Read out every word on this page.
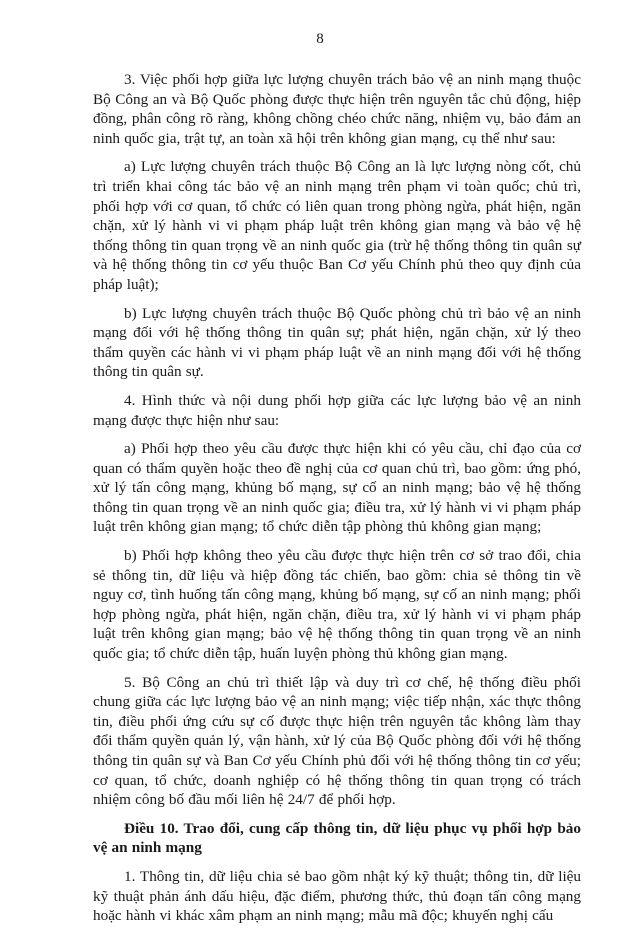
8

3. Việc phối hợp giữa lực lượng chuyên trách bảo vệ an ninh mạng thuộc Bộ Công an và Bộ Quốc phòng được thực hiện trên nguyên tắc chủ động, hiệp đồng, phân công rõ ràng, không chồng chéo chức năng, nhiệm vụ, bảo đảm an ninh quốc gia, trật tự, an toàn xã hội trên không gian mạng, cụ thể như sau:

a) Lực lượng chuyên trách thuộc Bộ Công an là lực lượng nòng cốt, chủ trì triển khai công tác bảo vệ an ninh mạng trên phạm vi toàn quốc; chủ trì, phối hợp với cơ quan, tổ chức có liên quan trong phòng ngừa, phát hiện, ngăn chặn, xử lý hành vi vi phạm pháp luật trên không gian mạng và bảo vệ hệ thống thông tin quan trọng về an ninh quốc gia (trừ hệ thống thông tin quân sự và hệ thống thông tin cơ yếu thuộc Ban Cơ yếu Chính phủ theo quy định của pháp luật);

b) Lực lượng chuyên trách thuộc Bộ Quốc phòng chủ trì bảo vệ an ninh mạng đối với hệ thống thông tin quân sự; phát hiện, ngăn chặn, xử lý theo thẩm quyền các hành vi vi phạm pháp luật về an ninh mạng đối với hệ thống thông tin quân sự.

4. Hình thức và nội dung phối hợp giữa các lực lượng bảo vệ an ninh mạng được thực hiện như sau:

a) Phối hợp theo yêu cầu được thực hiện khi có yêu cầu, chỉ đạo của cơ quan có thẩm quyền hoặc theo đề nghị của cơ quan chủ trì, bao gồm: ứng phó, xử lý tấn công mạng, khủng bố mạng, sự cố an ninh mạng; bảo vệ hệ thống thông tin quan trọng về an ninh quốc gia; điều tra, xử lý hành vi vi phạm pháp luật trên không gian mạng; tổ chức diễn tập phòng thủ không gian mạng;

b) Phối hợp không theo yêu cầu được thực hiện trên cơ sở trao đổi, chia sẻ thông tin, dữ liệu và hiệp đồng tác chiến, bao gồm: chia sẻ thông tin về nguy cơ, tình huống tấn công mạng, khủng bố mạng, sự cố an ninh mạng; phối hợp phòng ngừa, phát hiện, ngăn chặn, điều tra, xử lý hành vi vi phạm pháp luật trên không gian mạng; bảo vệ hệ thống thông tin quan trọng về an ninh quốc gia; tổ chức diễn tập, huấn luyện phòng thủ không gian mạng.

5. Bộ Công an chủ trì thiết lập và duy trì cơ chế, hệ thống điều phối chung giữa các lực lượng bảo vệ an ninh mạng; việc tiếp nhận, xác thực thông tin, điều phối ứng cứu sự cố được thực hiện trên nguyên tắc không làm thay đổi thẩm quyền quản lý, vận hành, xử lý của Bộ Quốc phòng đối với hệ thống thông tin quân sự và Ban Cơ yếu Chính phủ đối với hệ thống thông tin cơ yếu; cơ quan, tổ chức, doanh nghiệp có hệ thống thông tin quan trọng có trách nhiệm công bố đầu mối liên hệ 24/7 để phối hợp.

Điều 10. Trao đổi, cung cấp thông tin, dữ liệu phục vụ phối hợp bảo vệ an ninh mạng

1. Thông tin, dữ liệu chia sẻ bao gồm nhật ký kỹ thuật; thông tin, dữ liệu kỹ thuật phản ánh dấu hiệu, đặc điểm, phương thức, thủ đoạn tấn công mạng hoặc hành vi khác xâm phạm an ninh mạng; mẫu mã độc; khuyến nghị cấu
